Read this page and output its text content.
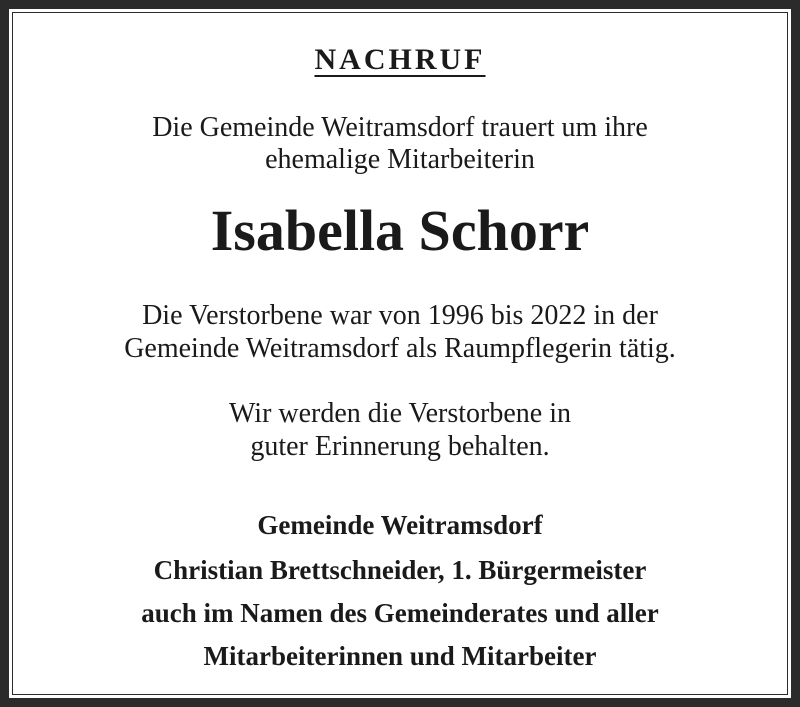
NACHRUF

Die Gemeinde Weitramsdorf trauert um ihre

ehemalige Mitarbeiterin

Isabella Schorr

Die Verstorbene war von 1996 bis 2022 in der

Gemeinde Weitramsdorf als Raumpflegerin tätig.

Wir werden die Verstorbene in

guter Erinnerung behalten.

Gemeinde Weitramsdorf

Christian Brettschneider, 1. Bürgermeister

auch im Namen des Gemeinderates und aller

Mitarbeiterinnen und Mitarbeiter
